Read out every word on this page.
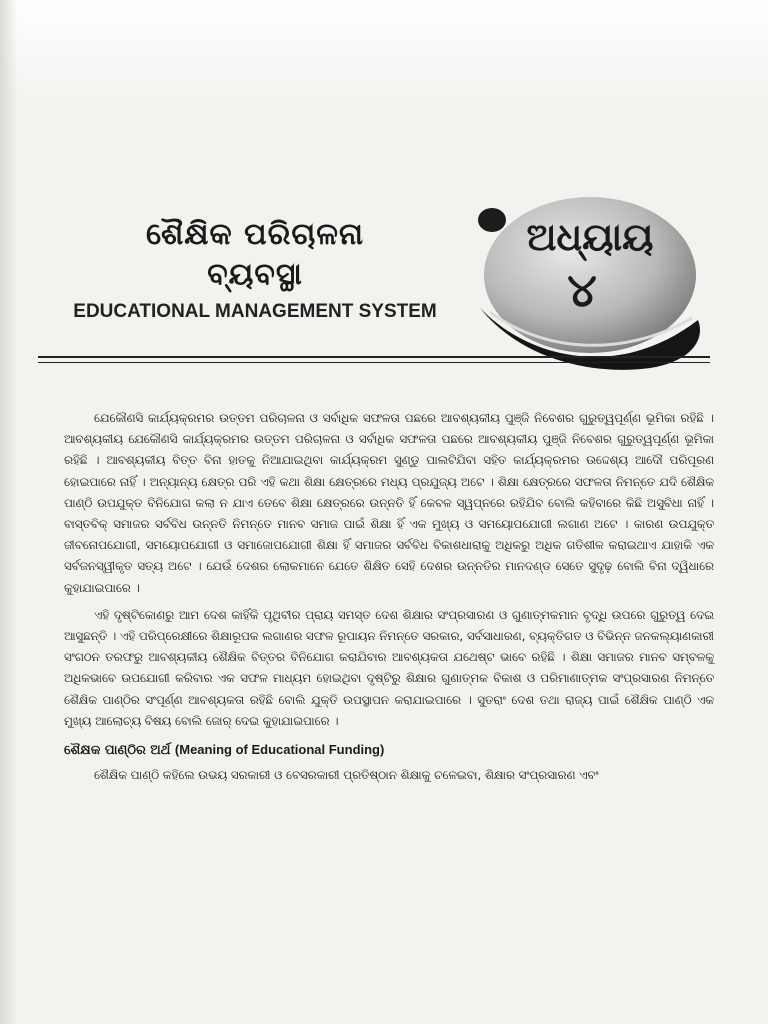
ଶୈକ୍ଷିକ ପରିଚାଳନା
ବ୍ୟବସ୍ଥା
EDUCATIONAL MANAGEMENT SYSTEM
ଅଧ୍ୟାୟ
୪

ଯେକୌଣସି କାର୍ଯ୍ୟକ୍ରମର ଉତ୍ତମ ପରିଚାଳନା ଓ ସର୍ବାଧିକ ସଫଳତା ପଛରେ ଆବଶ୍ୟକୀୟ ପୁଞ୍ଜି ନିବେଶର ଗୁରୁତ୍ୱପୂର୍ଣ୍ଣ ଭୂମିକା ରହିଛି । ଆବଶ୍ୟକୀୟ ଯେକୌଣସି କାର୍ଯ୍ୟକ୍ରମର ଉତ୍ତମ ପରିଚାଳନା ଓ ସର୍ବାଧିକ ସଫଳତା ପଛରେ ଆବଶ୍ୟକୀୟ ପୁଞ୍ଜି ନିବେଶର ଗୁରୁତ୍ୱପୂର୍ଣ୍ଣ ଭୂମିକା ରହିଛି । ଆବଶ୍ୟକୀୟ ବିତ୍ତ ବିନା ହାତକୁ ନିଆଯାଇଥିବା କାର୍ଯ୍ୟକ୍ରମ ସୁଣ୍ଡୁ ପାଲଟିଯିବା ସହିତ କାର୍ଯ୍ୟକ୍ରମର ଉଦ୍ଦେଶ୍ୟ ଆଦୌ ପରିପୂରଣ ହୋଇପାରେ ନାହିଁ । ଅନ୍ୟାନ୍ୟ କ୍ଷେତ୍ର ପରି ଏହି କଥା ଶିକ୍ଷା କ୍ଷେତ୍ରରେ ମଧ୍ୟ ପ୍ରଯୁଜ୍ୟ ଅଟେ । ଶିକ୍ଷା କ୍ଷେତ୍ରରେ ସଫଳତା ନିମନ୍ତେ ଯଦି ଶୈକ୍ଷିକ ପାଣ୍ଠି ଉପଯୁକ୍ତ ବିନିଯୋଗ କଲା ନ ଯାଏ ତେବେ ଶିକ୍ଷା କ୍ଷେତ୍ରରେ ଉନ୍ନତି ହିଁ କେବଳ ସ୍ୱପ୍ନରେ ରହିଯିବ ବୋଲି କହିବାରେ କିଛି ଅସୁବିଧା ନାହିଁ । ବାସ୍ତବିକ୍ ସମାଜର ସର୍ବବିଧ ଉନ୍ନତି ନିମନ୍ତେ ମାନବ ସମାଜ ପାଇଁ ଶିକ୍ଷା ହିଁ ଏକ ମୁଖ୍ୟ ଓ ସମୟୋପଯୋଗୀ ଲଗାଣ ଅଟେ । କାରଣ ଉପଯୁକ୍ତ ଜୀବନୋପଯୋଗୀ, ସମୟୋପଯୋଗୀ ଓ ସମାଜୋପଯୋଗୀ ଶିକ୍ଷା ହିଁ ସମାଜର ସର୍ବବିଧ ବିକାଶଧାରାକୁ ଅଧିକରୁ ଅଧିକ ଗତିଶୀଳ କରାଇଥାଏ ଯାହାକି ଏକ ସର୍ବଜନସ୍ୱୀକୃତ ସତ୍ୟ ଅଟେ । ଯେଉଁ ଦେଶର ଲୋକମାନେ ଯେତେ ଶିକ୍ଷିତ ସେହି ଦେଶର ଉନ୍ନତିର ମାନଦଣ୍ଡ ସେତେ ସୁଦୃଢ଼ ବୋଲି ବିନା ଦ୍ୱିଧାରେ କୁହାଯାଇପାରେ ।

ଏହି ଦୃଷ୍ଟିକୋଣରୁ ଆମ ଦେଶ କାହିଁକି ପୃଥିବୀର ପ୍ରାୟ ସମସ୍ତ ଦେଶ ଶିକ୍ଷାର ସଂପ୍ରସାରଣ ଓ ଗୁଣାତ୍ମକମାନ ବୃଦ୍ଧି ଉପରେ ଗୁରୁତ୍ୱ ଦେଇ ଆସୁଛନ୍ତି । ଏହି ପରିପ୍ରେକ୍ଷୀରେ ଶିକ୍ଷାରୂପକ ଲଗାଣର ସଫଳ ରୂପାୟନ ନିମନ୍ତେ ସରକାର, ସର୍ବସାଧାରଣ, ବ୍ୟକ୍ତିଗତ ଓ ବିଭିନ୍ନ ଜନକଲ୍ୟାଣକାରୀ ସଂଗଠନ ତରଫରୁ ଆବଶ୍ୟକୀୟ ଶୈକ୍ଷିକ ବିତ୍ତର ବିନିଯୋଗ କରାଯିବାର ଆବଶ୍ୟକତା ଯଥେଷ୍ଟ ଭାବେ ରହିଛି । ଶିକ୍ଷା ସମାଜର ମାନବ ସମ୍ବଳକୁ ଅଧିକଭାବେ ଉପଯୋଗୀ କରିବାର ଏକ ସଫଳ ମାଧ୍ୟମ ହୋଇଥିବା ଦୃଷ୍ଟିରୁ ଶିକ୍ଷାର ଗୁଣାତ୍ମକ ବିକାଶ ଓ ପରିମାଣାତ୍ମକ ସଂପ୍ରସାରଣ ନିମନ୍ତେ ଶୈକ୍ଷିକ ପାଣ୍ଠିର ସଂପୂର୍ଣ୍ଣ ଆବଶ୍ୟକତା ରହିଛି ବୋଲି ଯୁକ୍ତି ଉପସ୍ଥାପନ କରାଯାଇପାରେ । ସୁତରାଂ ଦେଶ ତଥା ରାଜ୍ୟ ପାଇଁ ଶୈକ୍ଷିକ ପାଣ୍ଠି ଏକ ମୁଖ୍ୟ ଆଲୋଚ୍ୟ ବିଷୟ ବୋଲି ଜୋର୍ ଦେଇ କୁହାଯାଇପାରେ ।

ଶୈକ୍ଷକ ପାଣ୍ଠିର ଅର୍ଥ (Meaning of Educational Funding)

ଶୈକ୍ଷିକ ପାଣ୍ଠି କହିଲେ ଉଭୟ ସରକାରୀ ଓ ବେସରକାରୀ ପ୍ରତିଷ୍ଠାନ ଶିକ୍ଷାକୁ ଚଳେଇବା, ଶିକ୍ଷାର ସଂପ୍ରସାରଣ ଏବଂ
